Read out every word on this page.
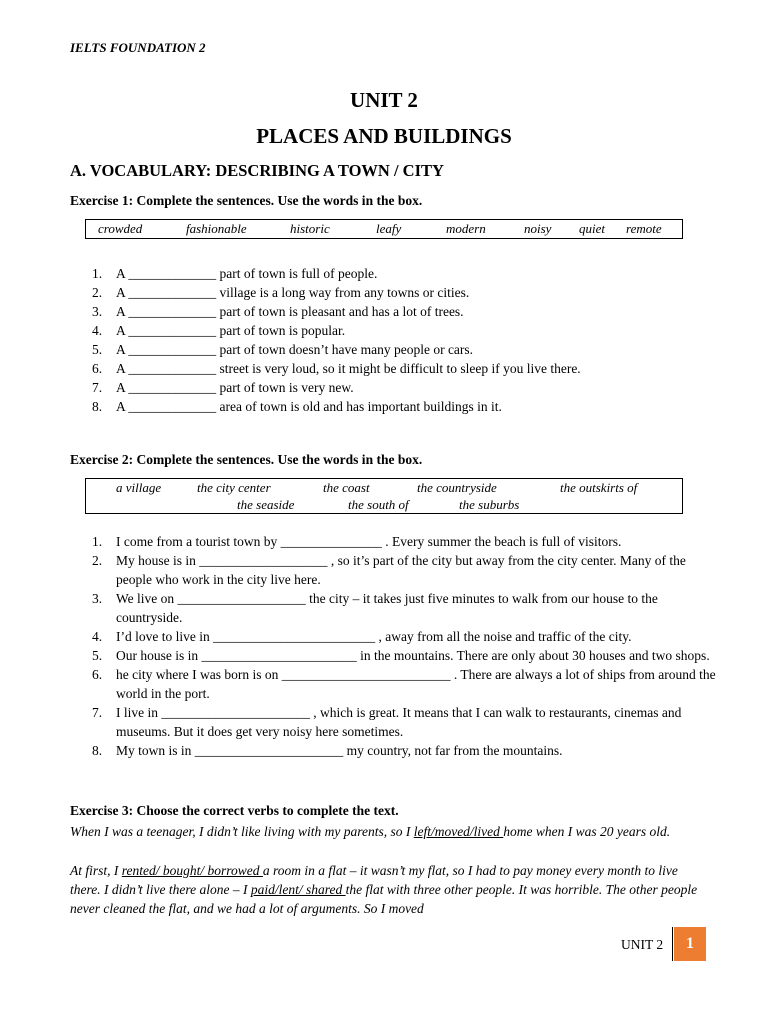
IELTS FOUNDATION 2
UNIT 2
PLACES AND BUILDINGS
A. VOCABULARY: DESCRIBING A TOWN / CITY
Exercise 1: Complete the sentences. Use the words in the box.
crowded	fashionable	historic	leafy	modern	noisy quiet remote
1. A _____________ part of town is full of people.
2. A _____________ village is a long way from any towns or cities.
3. A _____________ part of town is pleasant and has a lot of trees.
4. A _____________ part of town is popular.
5. A _____________ part of town doesn’t have many people or cars.
6. A _____________ street is very loud, so it might be difficult to sleep if you live there.
7. A _____________ part of town is very new.
8. A _____________ area of town is old and has important buildings in it.
Exercise 2: Complete the sentences. Use the words in the box.
a village	the city center	the coast	the countryside	the outskirts of
the seaside	the south of	the suburbs
1. I come from a tourist town by _______________ . Every summer the beach is full of visitors.
2. My house is in ___________________ , so it’s part of the city but away from the city center. Many of the people who work in the city live here.
3. We live on ___________________ the city – it takes just five minutes to walk from our house to the countryside.
4. I’d love to live in ________________________ , away from all the noise and traffic of the city.
5. Our house is in _______________________ in the mountains. There are only about 30 houses and two shops.
6. he city where I was born is on _________________________ . There are always a lot of ships from around the world in the port.
7. I live in ______________________ , which is great. It means that I can walk to restaurants, cinemas and museums. But it does get very noisy here sometimes.
8. My town is in ______________________ my country, not far from the mountains.
Exercise 3: Choose the correct verbs to complete the text.
When I was a teenager, I didn’t like living with my parents, so I left/moved/lived home when I was 20 years old.
At first, I rented/ bought/ borrowed a room in a flat – it wasn’t my flat, so I had to pay money every month to live there. I didn’t live there alone – I paid/lent/ shared the flat with three other people. It was horrible. The other people never cleaned the flat, and we had a lot of arguments. So I moved
UNIT 2	1
